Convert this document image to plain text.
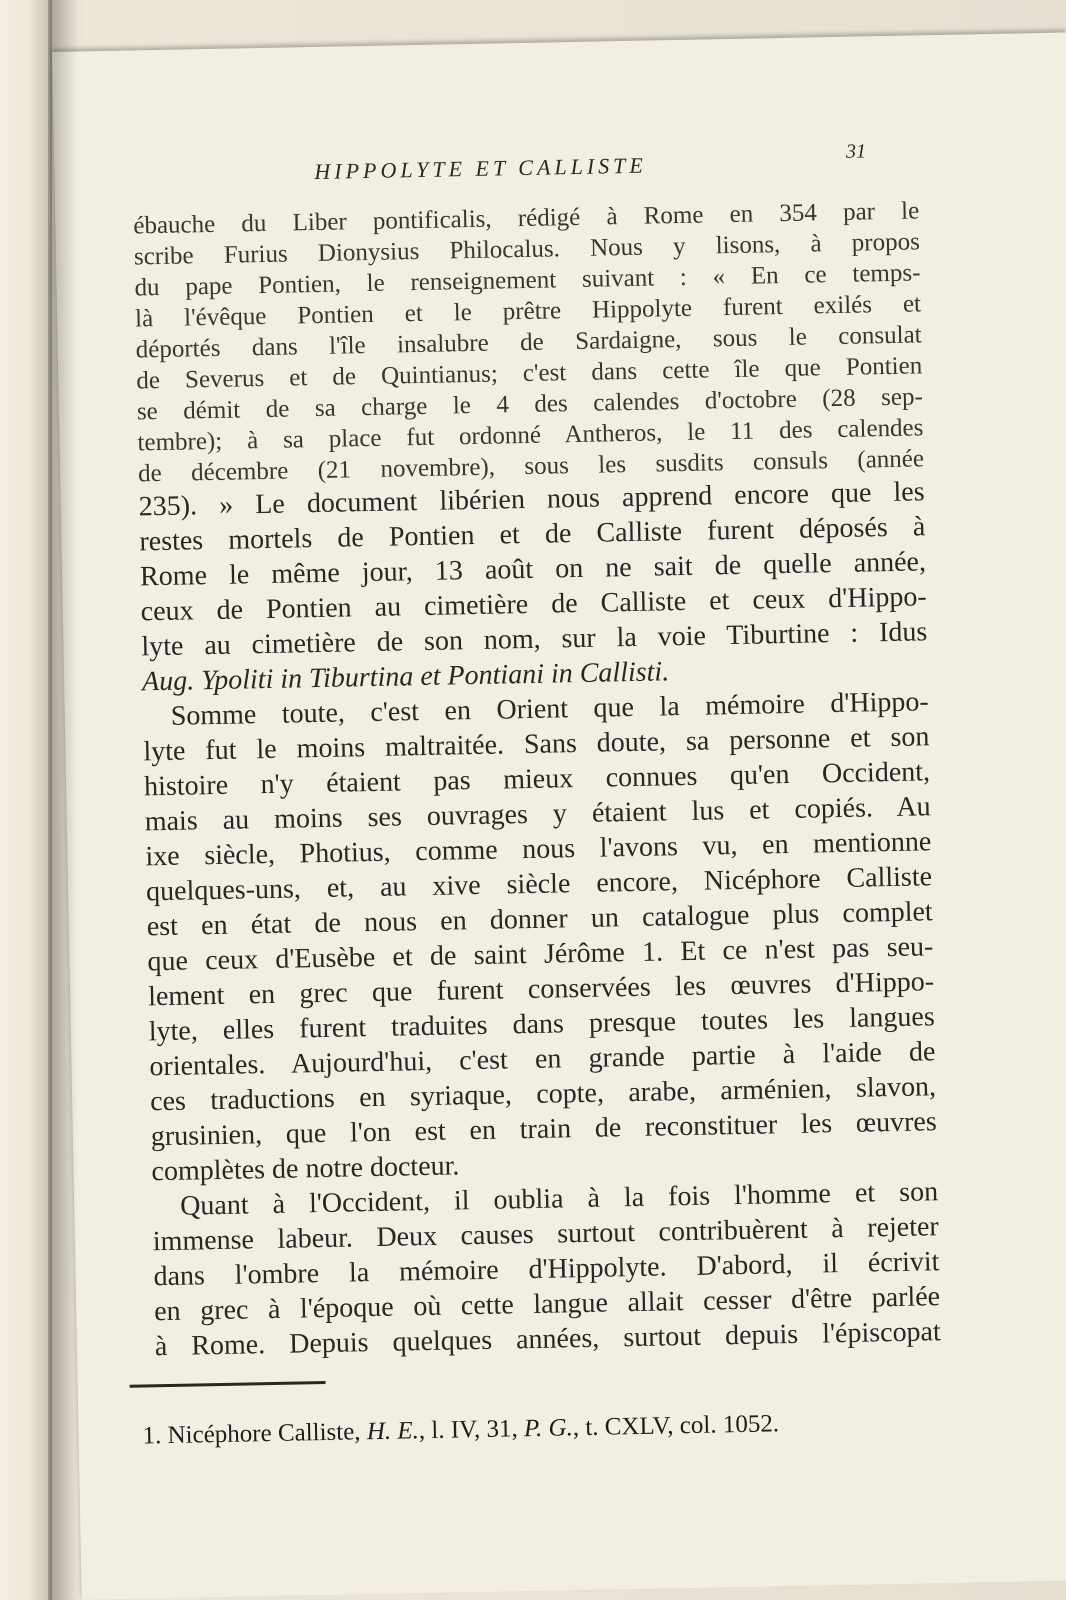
HIPPOLYTE ET CALLISTE
31
ébauche du Liber pontificalis, rédigé à Rome en 354 par le
scribe Furius Dionysius Philocalus. Nous y lisons, à propos
du pape Pontien, le renseignement suivant : « En ce temps-
là l'évêque Pontien et le prêtre Hippolyte furent exilés et
déportés dans l'île insalubre de Sardaigne, sous le consulat
de Severus et de Quintianus; c'est dans cette île que Pontien
se démit de sa charge le 4 des calendes d'octobre (28 sep-
tembre); à sa place fut ordonné Antheros, le 11 des calendes
de décembre (21 novembre), sous les susdits consuls (année
235). » Le document libérien nous apprend encore que les
restes mortels de Pontien et de Calliste furent déposés à
Rome le même jour, 13 août on ne sait de quelle année,
ceux de Pontien au cimetière de Calliste et ceux d'Hippo-
lyte au cimetière de son nom, sur la voie Tiburtine : Idus
Aug. Ypoliti in Tiburtina et Pontiani in Callisti.
Somme toute, c'est en Orient que la mémoire d'Hippo-
lyte fut le moins maltraitée. Sans doute, sa personne et son
histoire n'y étaient pas mieux connues qu'en Occident,
mais au moins ses ouvrages y étaient lus et copiés. Au
ixe siècle, Photius, comme nous l'avons vu, en mentionne
quelques-uns, et, au xive siècle encore, Nicéphore Calliste
est en état de nous en donner un catalogue plus complet
que ceux d'Eusèbe et de saint Jérôme 1. Et ce n'est pas seu-
lement en grec que furent conservées les œuvres d'Hippo-
lyte, elles furent traduites dans presque toutes les langues
orientales. Aujourd'hui, c'est en grande partie à l'aide de
ces traductions en syriaque, copte, arabe, arménien, slavon,
grusinien, que l'on est en train de reconstituer les œuvres
complètes de notre docteur.
Quant à l'Occident, il oublia à la fois l'homme et son
immense labeur. Deux causes surtout contribuèrent à rejeter
dans l'ombre la mémoire d'Hippolyte. D'abord, il écrivit
en grec à l'époque où cette langue allait cesser d'être parlée
à Rome. Depuis quelques années, surtout depuis l'épiscopat
1. Nicéphore Calliste, H. E., l. IV, 31, P. G., t. CXLV, col. 1052.
